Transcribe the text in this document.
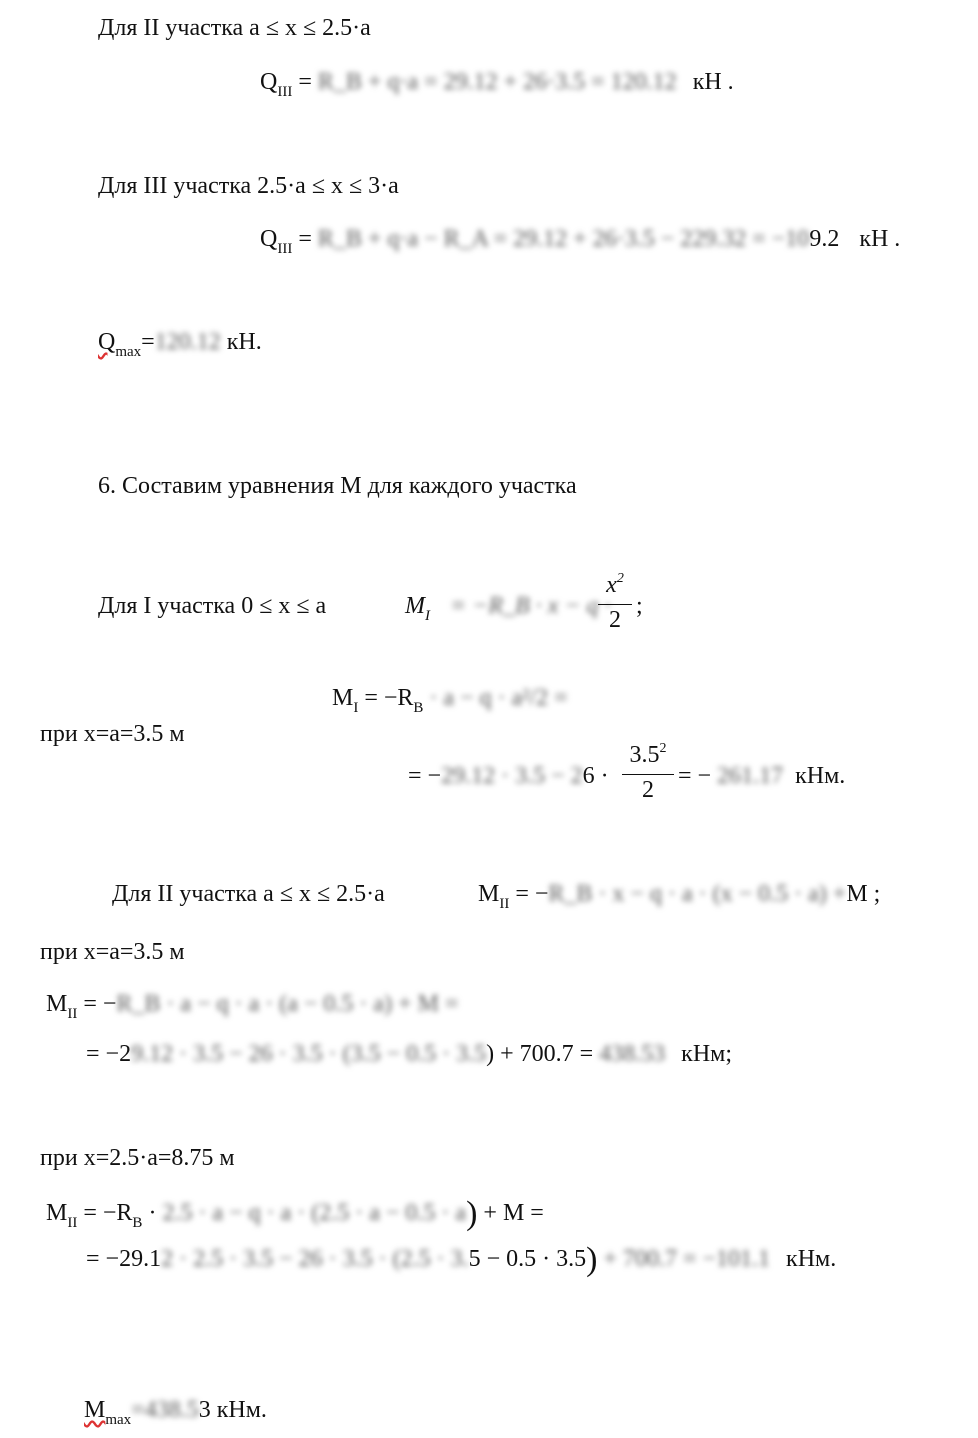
Для II участка a ≤ x ≤ 2.5·a
$Q_{III}$ = R_B + q·a = 29.12 + 26·3.5 = 120.12 кН .
Для III участка 2.5·a ≤ x ≤ 3·a
$Q_{III}$ = R_B + q·a − R_A = 29.12 + 26·3.5 − 229.32 = −109.2 кН .
$Q_{max}=120.12$ кН.
6. Составим уравнения М для каждого участка
Для I участка 0 ≤ x ≤ a	$M_I$ = −R_B · x − q ·
$x^2$
2
;
при x=a=3.5 м
$M_I = -R_B \cdot a - q \cdot a^2/2$ =
= −29.12 · 3.5 − 26 ·
$3.5^2$
2
= − 261.17 кНм.
Для II участка a ≤ x ≤ 2.5·a	$M_{II}$ = −R_B · x − q · a · (x − 0.5 · a) +M ;
при x=a=3.5 м
$M_{II}$ = −R_B · a − q · a · (a − 0.5 · a) + M =
= −29.12 · 3.5 − 26 · 3.5 · (3.5 − 0.5 · 3.5) + 700.7 = 438.53 кНм;
при x=2.5·a=8.75 м
$M_{II} = -R_B \cdot 2.5 \cdot a - q \cdot a \cdot (2.5 \cdot a - 0.5 \cdot a) + M$ =
= −29.12 · 2.5 · 3.5 − 26 · 3.5 · (2.5 · 3.5 − 0.5 · 3.5) + 700.7 = −101.1 кНм.
$M_{max}=438.53$ кНм.
